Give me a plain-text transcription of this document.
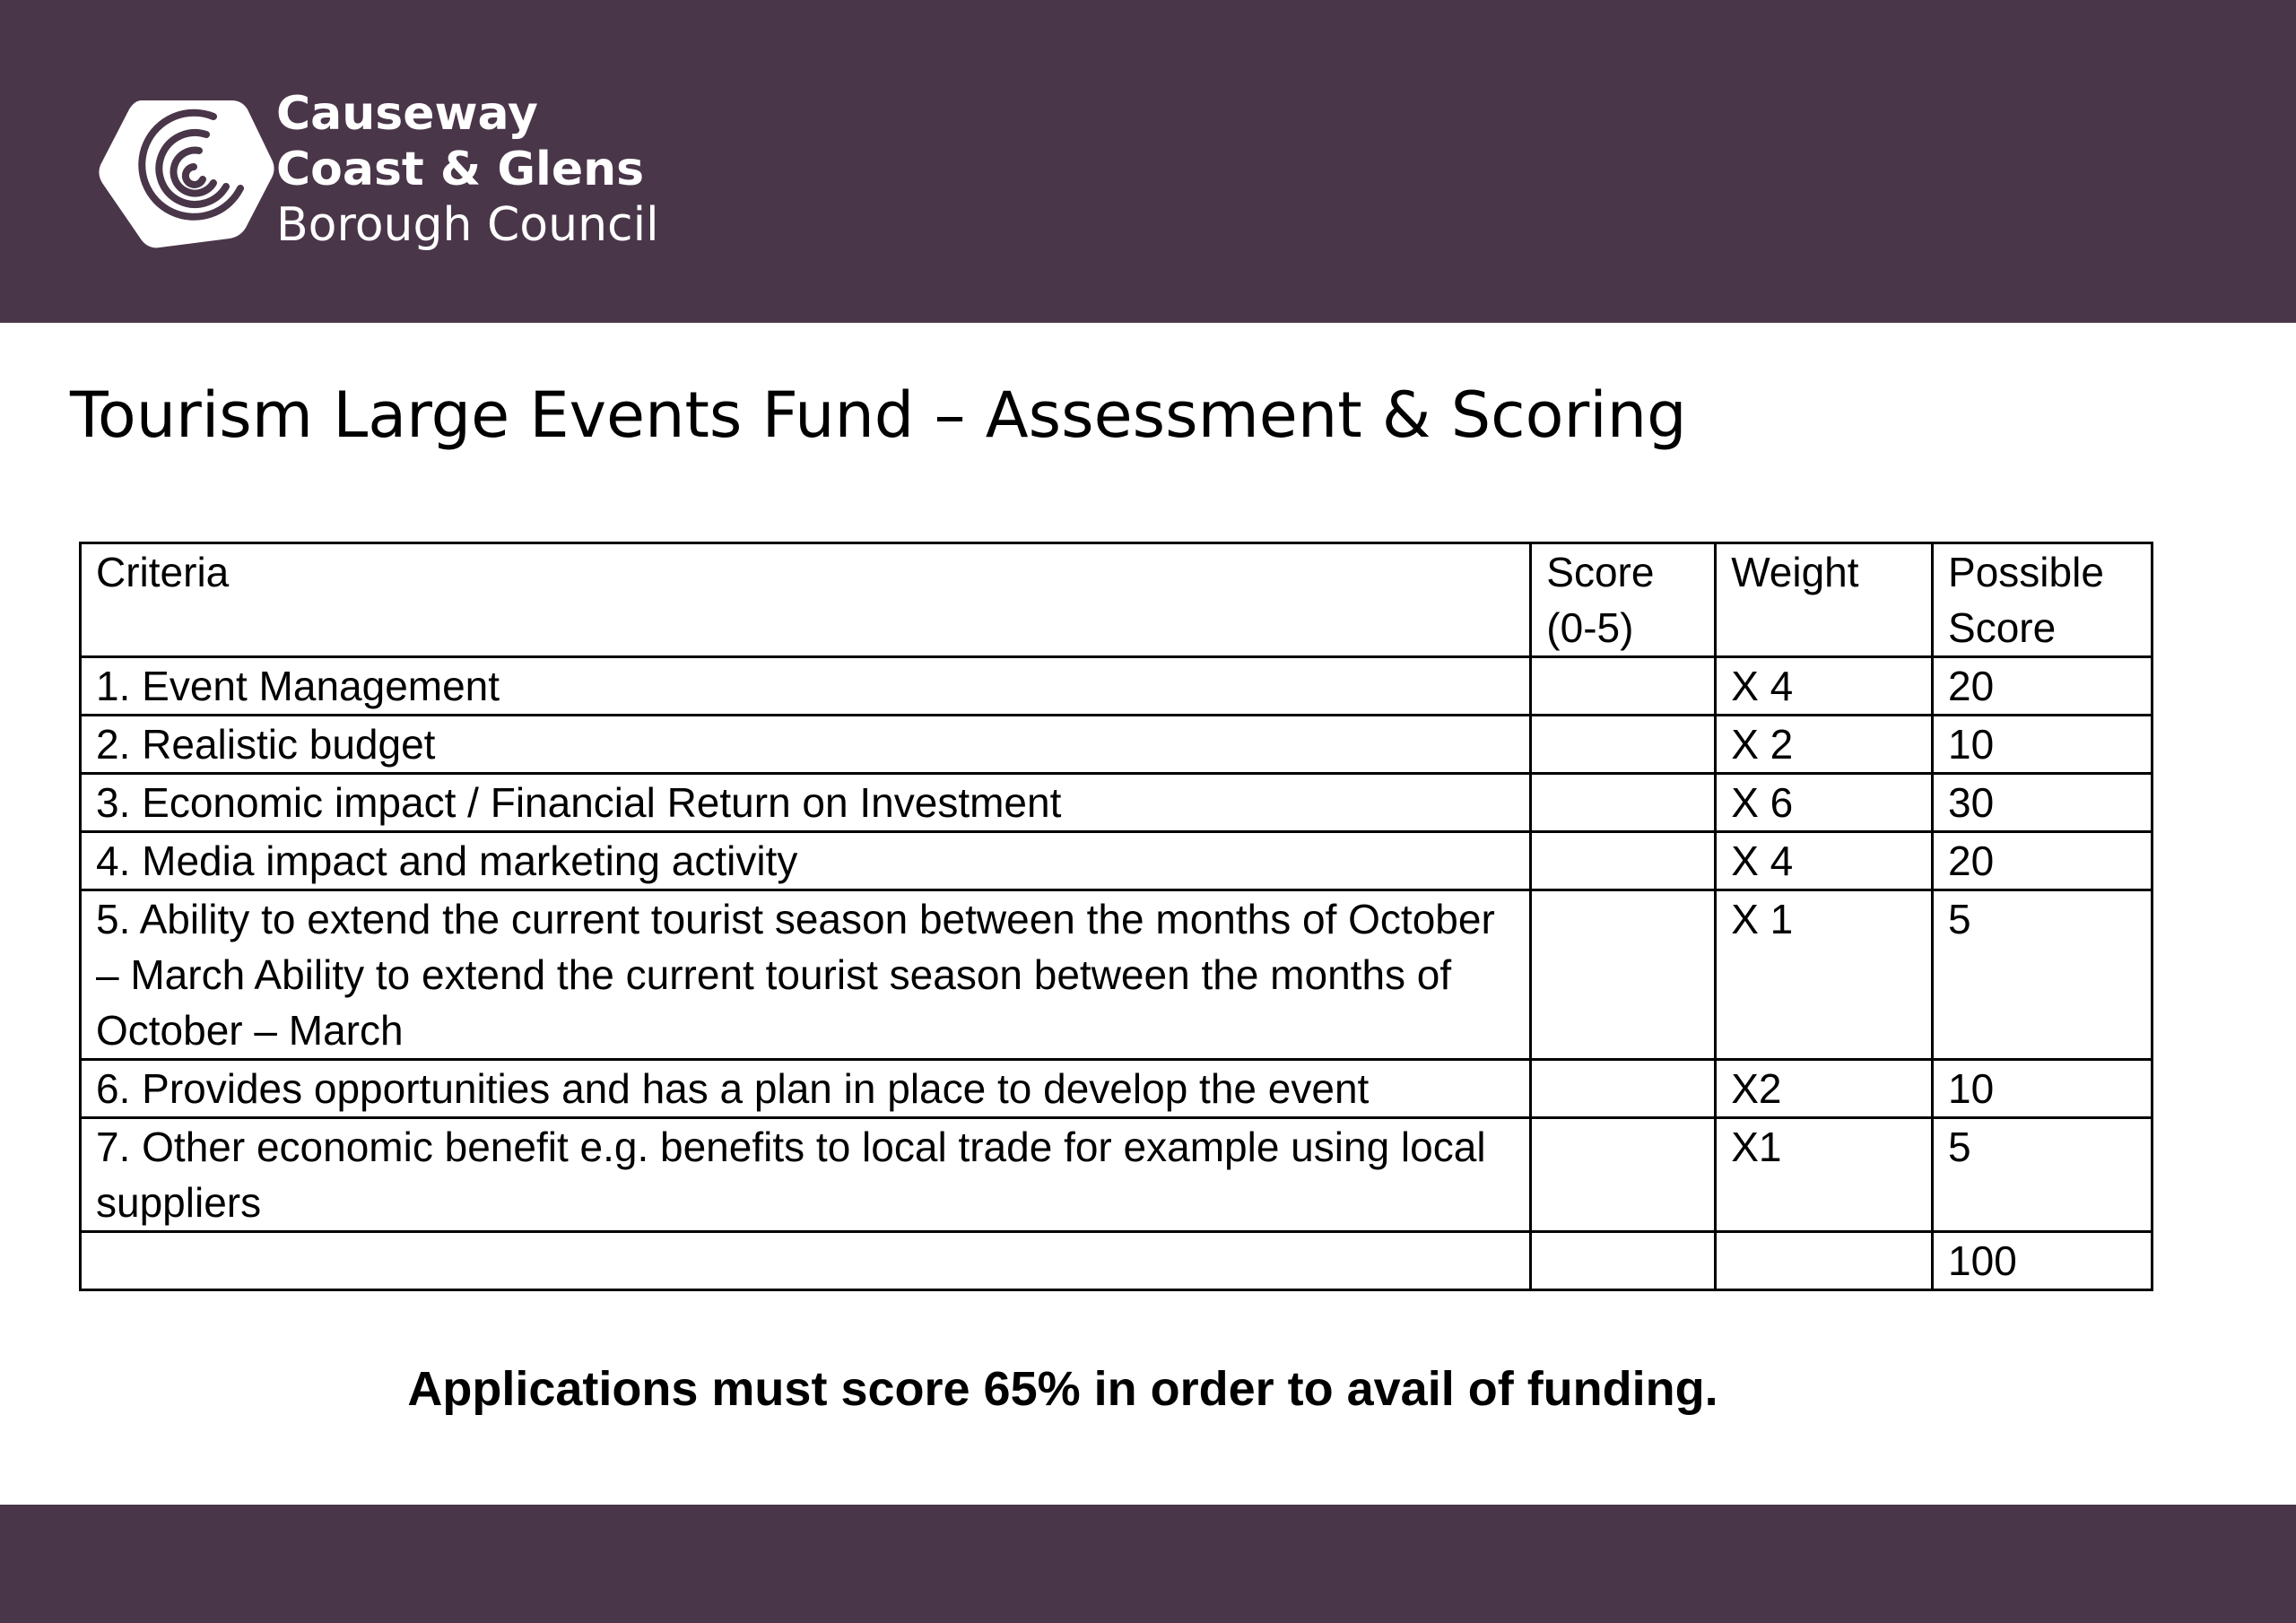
Causeway
Coast & Glens
Borough Council
Tourism Large Events Fund – Assessment & Scoring
Criteria	Score (0-5)	Weight	Possible Score
1. Event Management		X 4	20
2. Realistic budget		X 2	10
3. Economic impact / Financial Return on Investment		X 6	30
4. Media impact and marketing activity		X 4	20
5. Ability to extend the current tourist season between the months of October – March Ability to extend the current tourist season between the months of October – March		X 1	5
6. Provides opportunities and has a plan in place to develop the event		X2	10
7. Other economic benefit e.g. benefits to local trade for example using local suppliers		X1	5
			100

Applications must score 65% in order to avail of funding.
